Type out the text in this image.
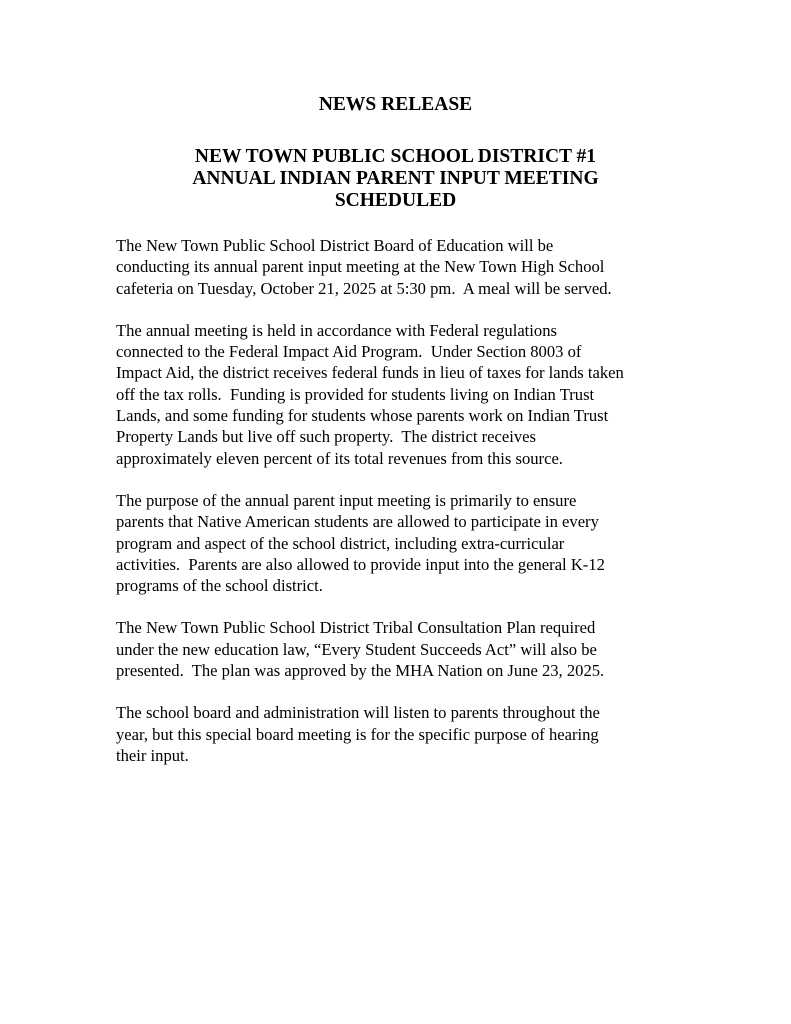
NEWS RELEASE
NEW TOWN PUBLIC SCHOOL DISTRICT #1
ANNUAL INDIAN PARENT INPUT MEETING
SCHEDULED

The New Town Public School District Board of Education will be
conducting its annual parent input meeting at the New Town High School
cafeteria on Tuesday, October 21, 2025 at 5:30 pm.  A meal will be served.

The annual meeting is held in accordance with Federal regulations
connected to the Federal Impact Aid Program.  Under Section 8003 of
Impact Aid, the district receives federal funds in lieu of taxes for lands taken
off the tax rolls.  Funding is provided for students living on Indian Trust
Lands, and some funding for students whose parents work on Indian Trust
Property Lands but live off such property.  The district receives
approximately eleven percent of its total revenues from this source.

The purpose of the annual parent input meeting is primarily to ensure
parents that Native American students are allowed to participate in every
program and aspect of the school district, including extra-curricular
activities.  Parents are also allowed to provide input into the general K-12
programs of the school district.

The New Town Public School District Tribal Consultation Plan required
under the new education law, “Every Student Succeeds Act” will also be
presented.  The plan was approved by the MHA Nation on June 23, 2025.

The school board and administration will listen to parents throughout the
year, but this special board meeting is for the specific purpose of hearing
their input.
